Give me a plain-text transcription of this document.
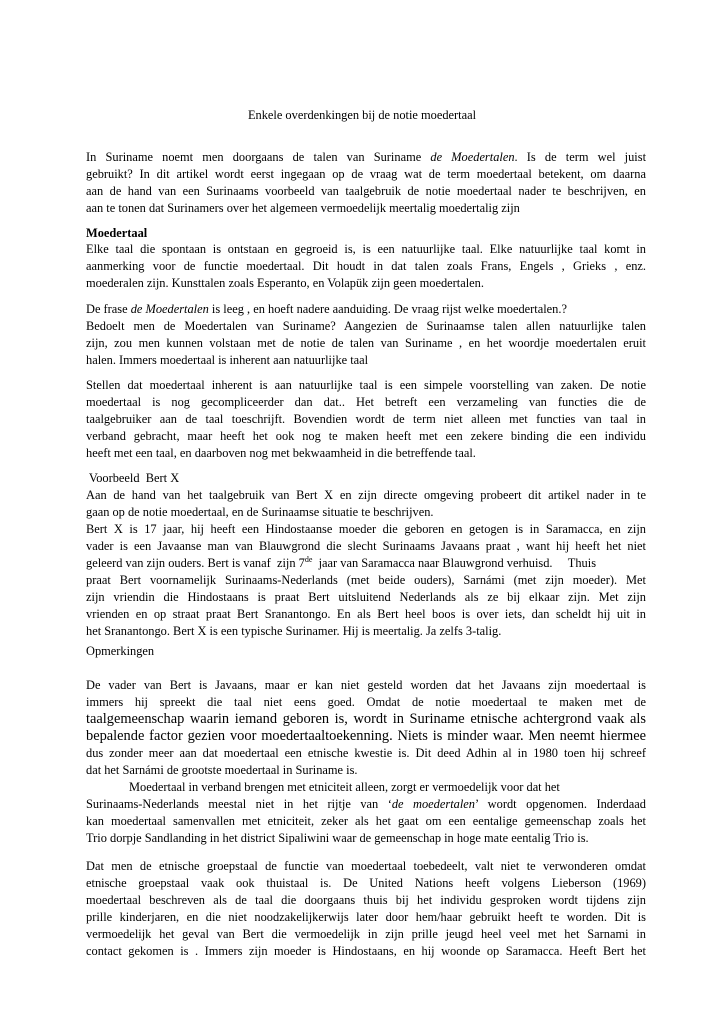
Enkele overdenkingen bij de notie moedertaal
In Suriname noemt men doorgaans de talen van Suriname de Moedertalen. Is de term wel juist
gebruikt? In dit artikel wordt eerst ingegaan op de vraag wat de term moedertaal betekent, om daarna
aan de hand van een Surinaams voorbeeld van taalgebruik de notie moedertaal nader te beschrijven, en
aan te tonen dat Surinamers over het algemeen vermoedelijk meertalig moedertalig zijn
Moedertaal
Elke taal die spontaan is ontstaan en gegroeid is, is een natuurlijke taal. Elke natuurlijke taal komt in
aanmerking voor de functie moedertaal. Dit houdt in dat talen zoals Frans, Engels , Grieks , enz.
moederalen zijn. Kunsttalen zoals Esperanto, en Volapük zijn geen moedertalen.
De frase de Moedertalen is leeg , en hoeft nadere aanduiding. De vraag rijst welke moedertalen.?
Bedoelt men de Moedertalen van Suriname? Aangezien de Surinaamse talen allen natuurlijke talen
zijn, zou men kunnen volstaan met de notie de talen van Suriname , en het woordje moedertalen eruit
halen. Immers moedertaal is inherent aan natuurlijke taal
Stellen dat moedertaal inherent is aan natuurlijke taal is een simpele voorstelling van zaken. De notie
moedertaal is nog gecompliceerder dan dat.. Het betreft een verzameling van functies die de
taalgebruiker aan de taal toeschrijft. Bovendien wordt de term niet alleen met functies van taal in
verband gebracht, maar heeft het ook nog te maken heeft met een zekere binding die een individu
heeft met een taal, en daarboven nog met bekwaamheid in die betreffende taal.
Voorbeeld  Bert X
Aan de hand van het taalgebruik van Bert X en zijn directe omgeving probeert dit artikel nader in te
gaan op de notie moedertaal, en de Surinaamse situatie te beschrijven.
Bert X is 17 jaar, hij heeft een Hindostaanse moeder die geboren en getogen is in Saramacca, en zijn
vader is een Javaanse man van Blauwgrond die slecht Surinaams Javaans praat , want hij heeft het niet
geleerd van zijn ouders. Bert is vanaf  zijn 7de  jaar van Saramacca naar Blauwgrond verhuisd.     Thuis
praat Bert voornamelijk Surinaams-Nederlands (met beide ouders), Sarnámi (met zijn moeder). Met
zijn vriendin die Hindostaans is praat Bert uitsluitend Nederlands als ze bij elkaar zijn. Met zijn
vrienden en op straat praat Bert Sranantongo. En als Bert heel boos is over iets, dan scheldt hij uit in
het Sranantongo. Bert X is een typische Surinamer. Hij is meertalig. Ja zelfs 3-talig.
Opmerkingen
De vader van Bert is Javaans, maar er kan niet gesteld worden dat het Javaans zijn moedertaal is
immers hij spreekt die taal niet eens goed. Omdat de notie moedertaal te maken met de
taalgemeenschap waarin iemand geboren is, wordt in Suriname etnische achtergrond vaak als
bepalende factor gezien voor moedertaaltoekenning. Niets is minder waar. Men neemt hiermee
dus zonder meer aan dat moedertaal een etnische kwestie is. Dit deed Adhin al in 1980 toen hij schreef
dat het Sarnámi de grootste moedertaal in Suriname is.
Moedertaal in verband brengen met etniciteit alleen, zorgt er vermoedelijk voor dat het
Surinaams-Nederlands meestal niet in het rijtje van ‘de moedertalen’ wordt opgenomen. Inderdaad
kan moedertaal samenvallen met etniciteit, zeker als het gaat om een eentalige gemeenschap zoals het
Trio dorpje Sandlanding in het district Sipaliwini waar de gemeenschap in hoge mate eentalig Trio is.
Dat men de etnische groepstaal de functie van moedertaal toebedeelt, valt niet te verwonderen omdat
etnische groepstaal vaak ook thuistaal is. De United Nations heeft volgens Lieberson (1969)
moedertaal beschreven als de taal die doorgaans thuis bij het individu gesproken wordt tijdens zijn
prille kinderjaren, en die niet noodzakelijkerwijs later door hem/haar gebruikt heeft te worden. Dit is
vermoedelijk het geval van Bert die vermoedelijk in zijn prille jeugd heel veel met het Sarnami in
contact gekomen is . Immers zijn moeder is Hindostaans, en hij woonde op Saramacca. Heeft Bert het
